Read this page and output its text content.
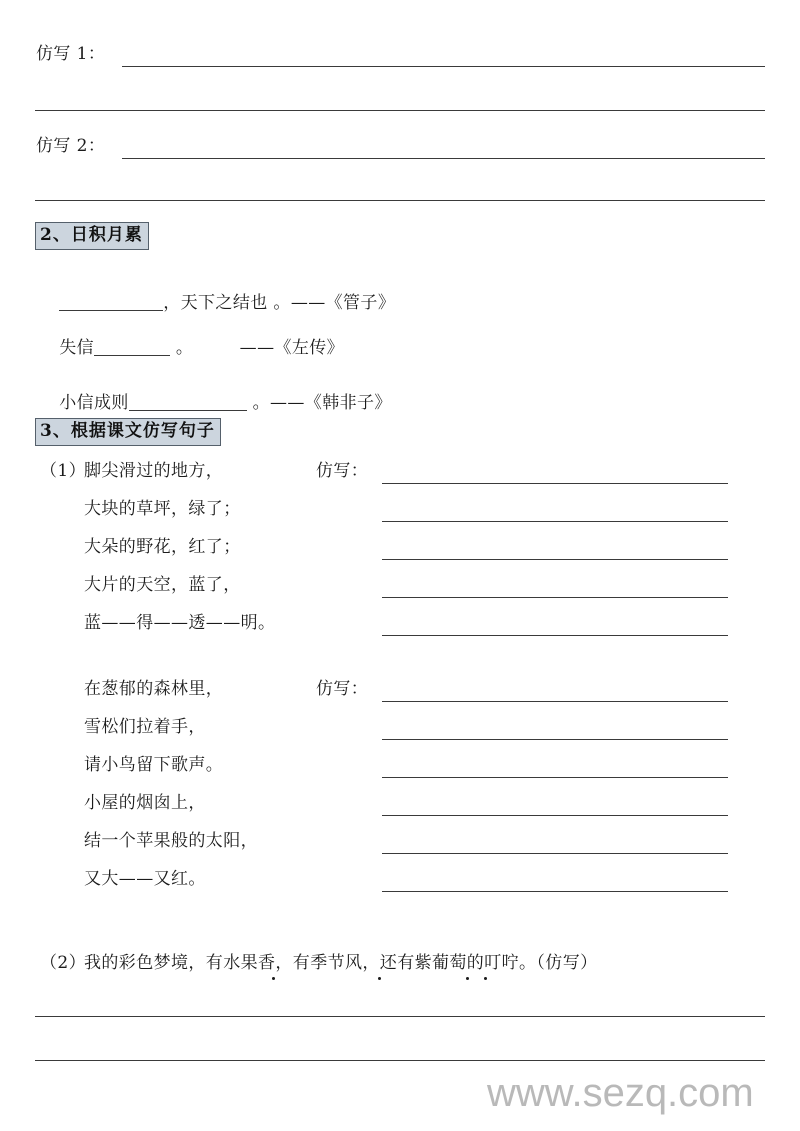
仿写 1：
仿写 2：
2、日积月累

，天下之结也 。——《管子》

失信	。        ——《左传》

小信成则	。——《韩非子》

3、根据课文仿写句子
（1）
脚尖滑过的地方，
大块的草坪，绿了；
大朵的野花，红了；
大片的天空，蓝了，
蓝——得——透——明。
仿写：
在葱郁的森林里，
雪松们拉着手，
请小鸟留下歌声。
小屋的烟囱上，
结一个苹果般的太阳，
又大——又红。
仿写：
（2）
我的彩色梦境，有水果香，有季节风，还有紫葡萄的叮咛。（仿写）
www.sezq.com
